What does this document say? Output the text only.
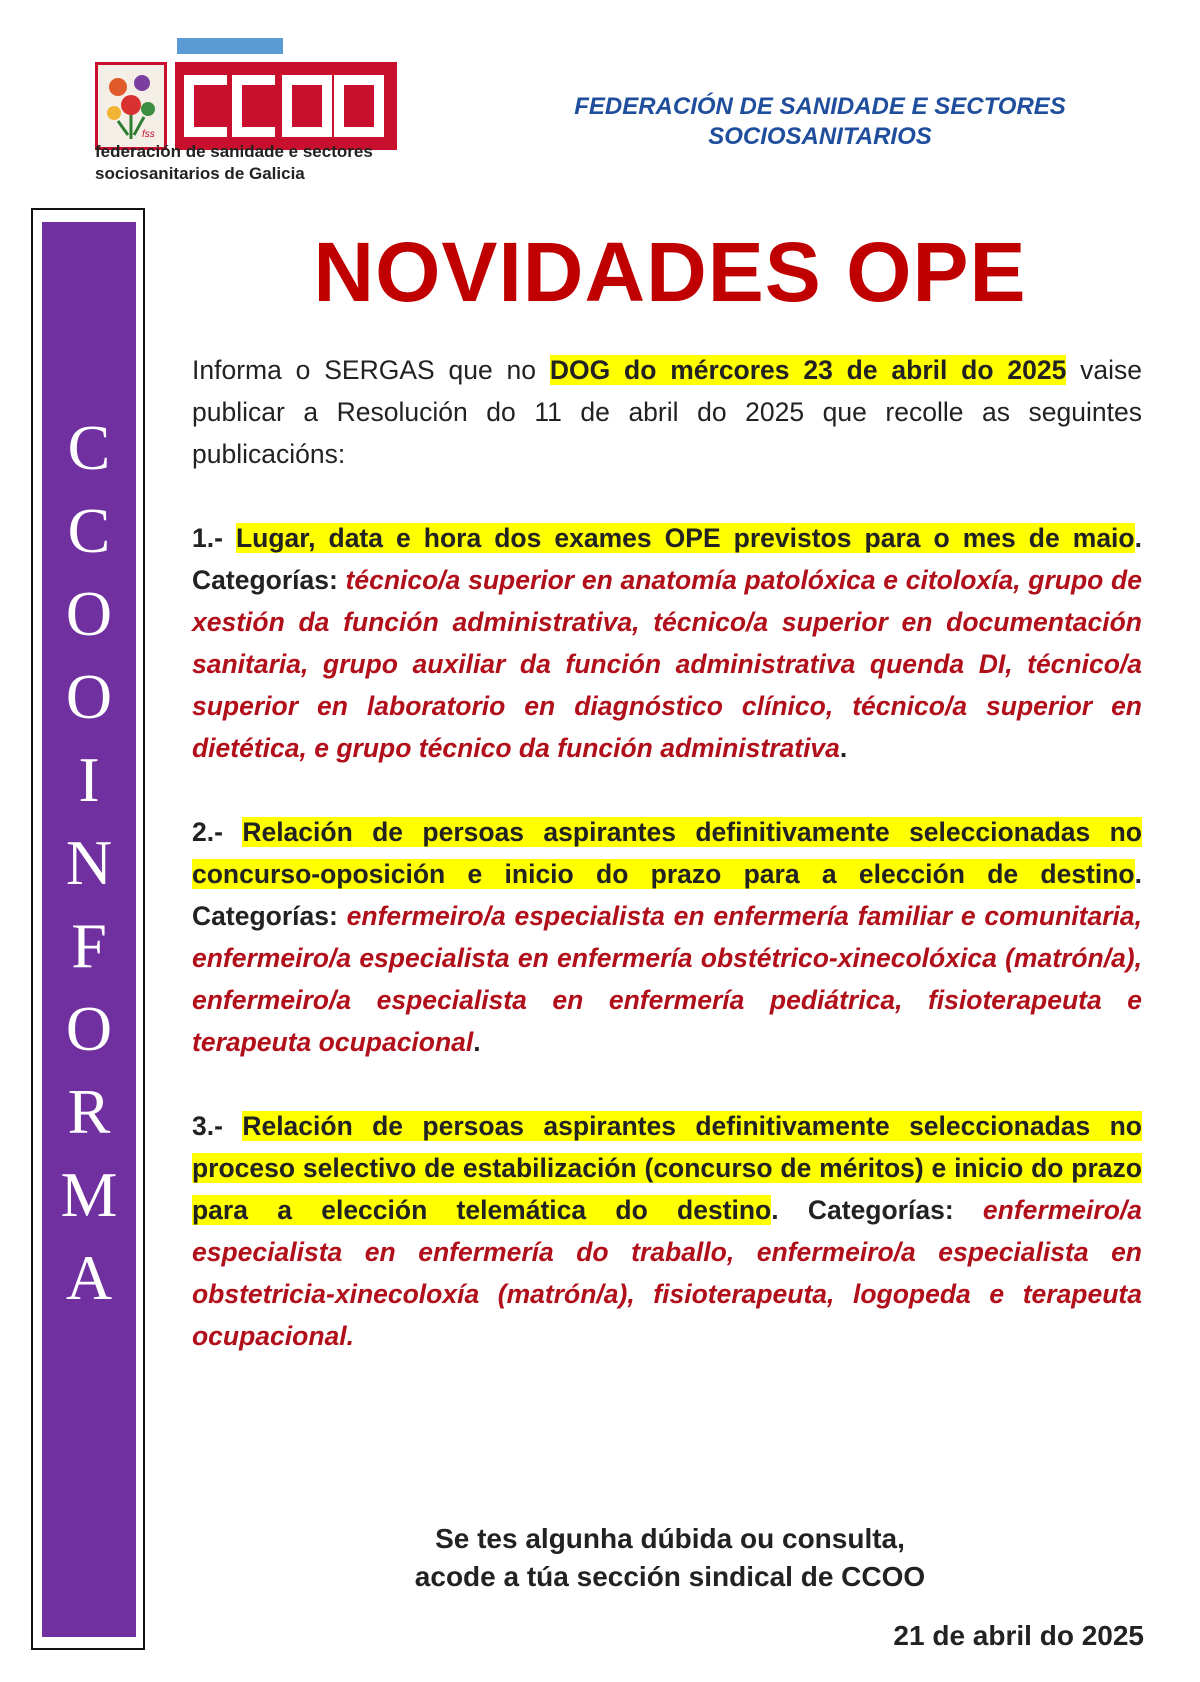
fss
federación de sanidade e sectores
sociosanitarios de Galicia
FEDERACIÓN DE SANIDADE E SECTORES
SOCIOSANITARIOS
C
C
O
O
I
N
F
O
R
M
A
NOVIDADES OPE

Informa o SERGAS que no DOG do mércores 23 de abril do 2025 vaise publicar a Resolución do 11 de abril do 2025 que recolle as seguintes publicacións:

1.- Lugar, data e hora dos exames OPE previstos para o mes de maio. Categorías: técnico/a superior en anatomía patolóxica e citoloxía, grupo de xestión da función administrativa, técnico/a superior en documentación sanitaria, grupo auxiliar da función administrativa quenda DI, técnico/a superior en laboratorio en diagnóstico clínico, técnico/a superior en dietética, e grupo técnico da función administrativa.

2.- Relación de persoas aspirantes definitivamente seleccionadas no concurso-oposición e inicio do prazo para a elección de destino. Categorías: enfermeiro/a especialista en enfermería familiar e comunitaria, enfermeiro/a especialista en enfermería obstétrico-xinecolóxica (matrón/a), enfermeiro/a especialista en enfermería pediátrica, fisioterapeuta e terapeuta ocupacional.

3.- Relación de persoas aspirantes definitivamente seleccionadas no proceso selectivo de estabilización (concurso de méritos) e inicio do prazo para a elección telemática do destino. Categorías: enfermeiro/a especialista en enfermería do traballo, enfermeiro/a especialista en obstetricia-xinecoloxía (matrón/a), fisioterapeuta, logopeda e terapeuta ocupacional.

Se tes algunha dúbida ou consulta,
acode a túa sección sindical de CCOO
21 de abril do 2025
